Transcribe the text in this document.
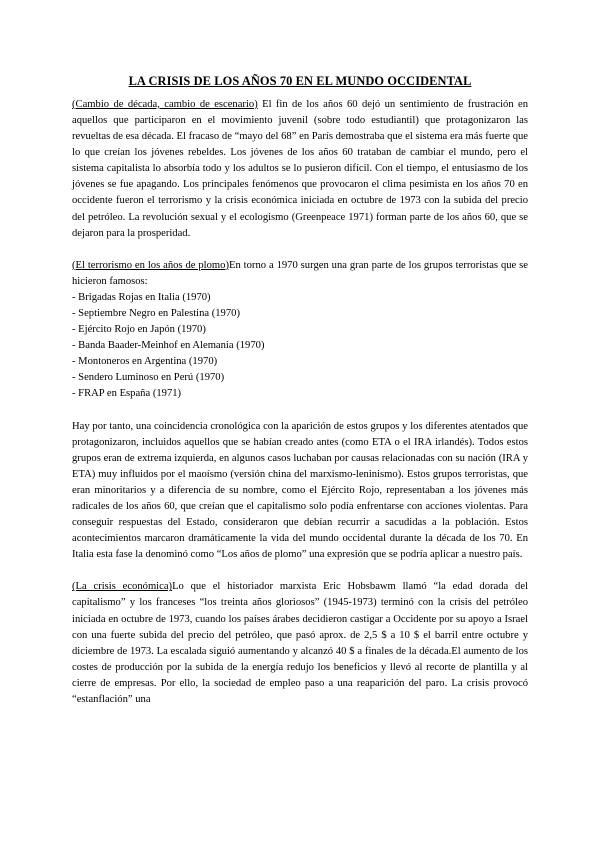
LA CRISIS DE LOS AÑOS 70 EN EL MUNDO OCCIDENTAL

(Cambio de década, cambio de escenario) El fin de los años 60 dejó un sentimiento de frustración en aquellos que participaron en el movimiento juvenil (sobre todo estudiantil) que protagonizaron las revueltas de esa década. El fracaso de “mayo del 68” en París demostraba que el sistema era más fuerte que lo que creían los jóvenes rebeldes. Los jóvenes de los años 60 trataban de cambiar el mundo, pero el sistema capitalista lo absorbía todo y los adultos se lo pusieron difícil. Con el tiempo, el entusiasmo de los jóvenes se fue apagando. Los principales fenómenos que provocaron el clima pesimista en los años 70 en occidente fueron el terrorismo y la crisis económica iniciada en octubre de 1973 con la subida del precio del petróleo. La revolución sexual y el ecologismo (Greenpeace 1971) forman parte de los años 60, que se dejaron para la prosperidad.

(El terrorismo en los años de plomo)En torno a 1970 surgen una gran parte de los grupos terroristas que se hicieron famosos:

- Brigadas Rojas en Italia (1970)
- Septiembre Negro en Palestina (1970)
- Ejército Rojo en Japón (1970)
- Banda Baader-Meinhof en Alemania (1970)
- Montoneros en Argentina (1970)
- Sendero Luminoso en Perú (1970)
- FRAP en España (1971)

Hay por tanto, una coincidencia cronológica con la aparición de estos grupos y los diferentes atentados que protagonizaron, incluidos aquellos que se habían creado antes (como ETA o el IRA irlandés). Todos estos grupos eran de extrema izquierda, en algunos casos luchaban por causas relacionadas con su nación (IRA y ETA) muy influidos por el maoísmo (versión china del marxismo-leninismo). Estos grupos terroristas, que eran minoritarios y a diferencia de su nombre, como el Ejército Rojo, representaban a los jóvenes más radicales de los años 60, que creían que el capitalismo solo podía enfrentarse con acciones violentas. Para conseguir respuestas del Estado, consideraron que debían recurrir a sacudidas a la población. Estos acontecimientos marcaron dramáticamente la vida del mundo occidental durante la década de los 70. En Italia esta fase la denominó como “Los años de plomo” una expresión que se podría aplicar a nuestro país.

(La crisis económica)Lo que el historiador marxista Eric Hobsbawm llamó “la edad dorada del capitalismo” y los franceses “los treinta años gloriosos” (1945-1973) terminó con la crisis del petróleo iniciada en octubre de 1973, cuando los países árabes decidieron castigar a Occidente por su apoyo a Israel con una fuerte subida del precio del petróleo, que pasó aprox. de 2,5 $ a 10 $ el barril entre octubre y diciembre de 1973. La escalada siguió aumentando y alcanzó 40 $ a finales de la década.El aumento de los costes de producción por la subida de la energía redujo los beneficios y llevó al recorte de plantilla y al cierre de empresas. Por ello, la sociedad de empleo paso a una reaparición del paro. La crisis provocó “estanflación” una
